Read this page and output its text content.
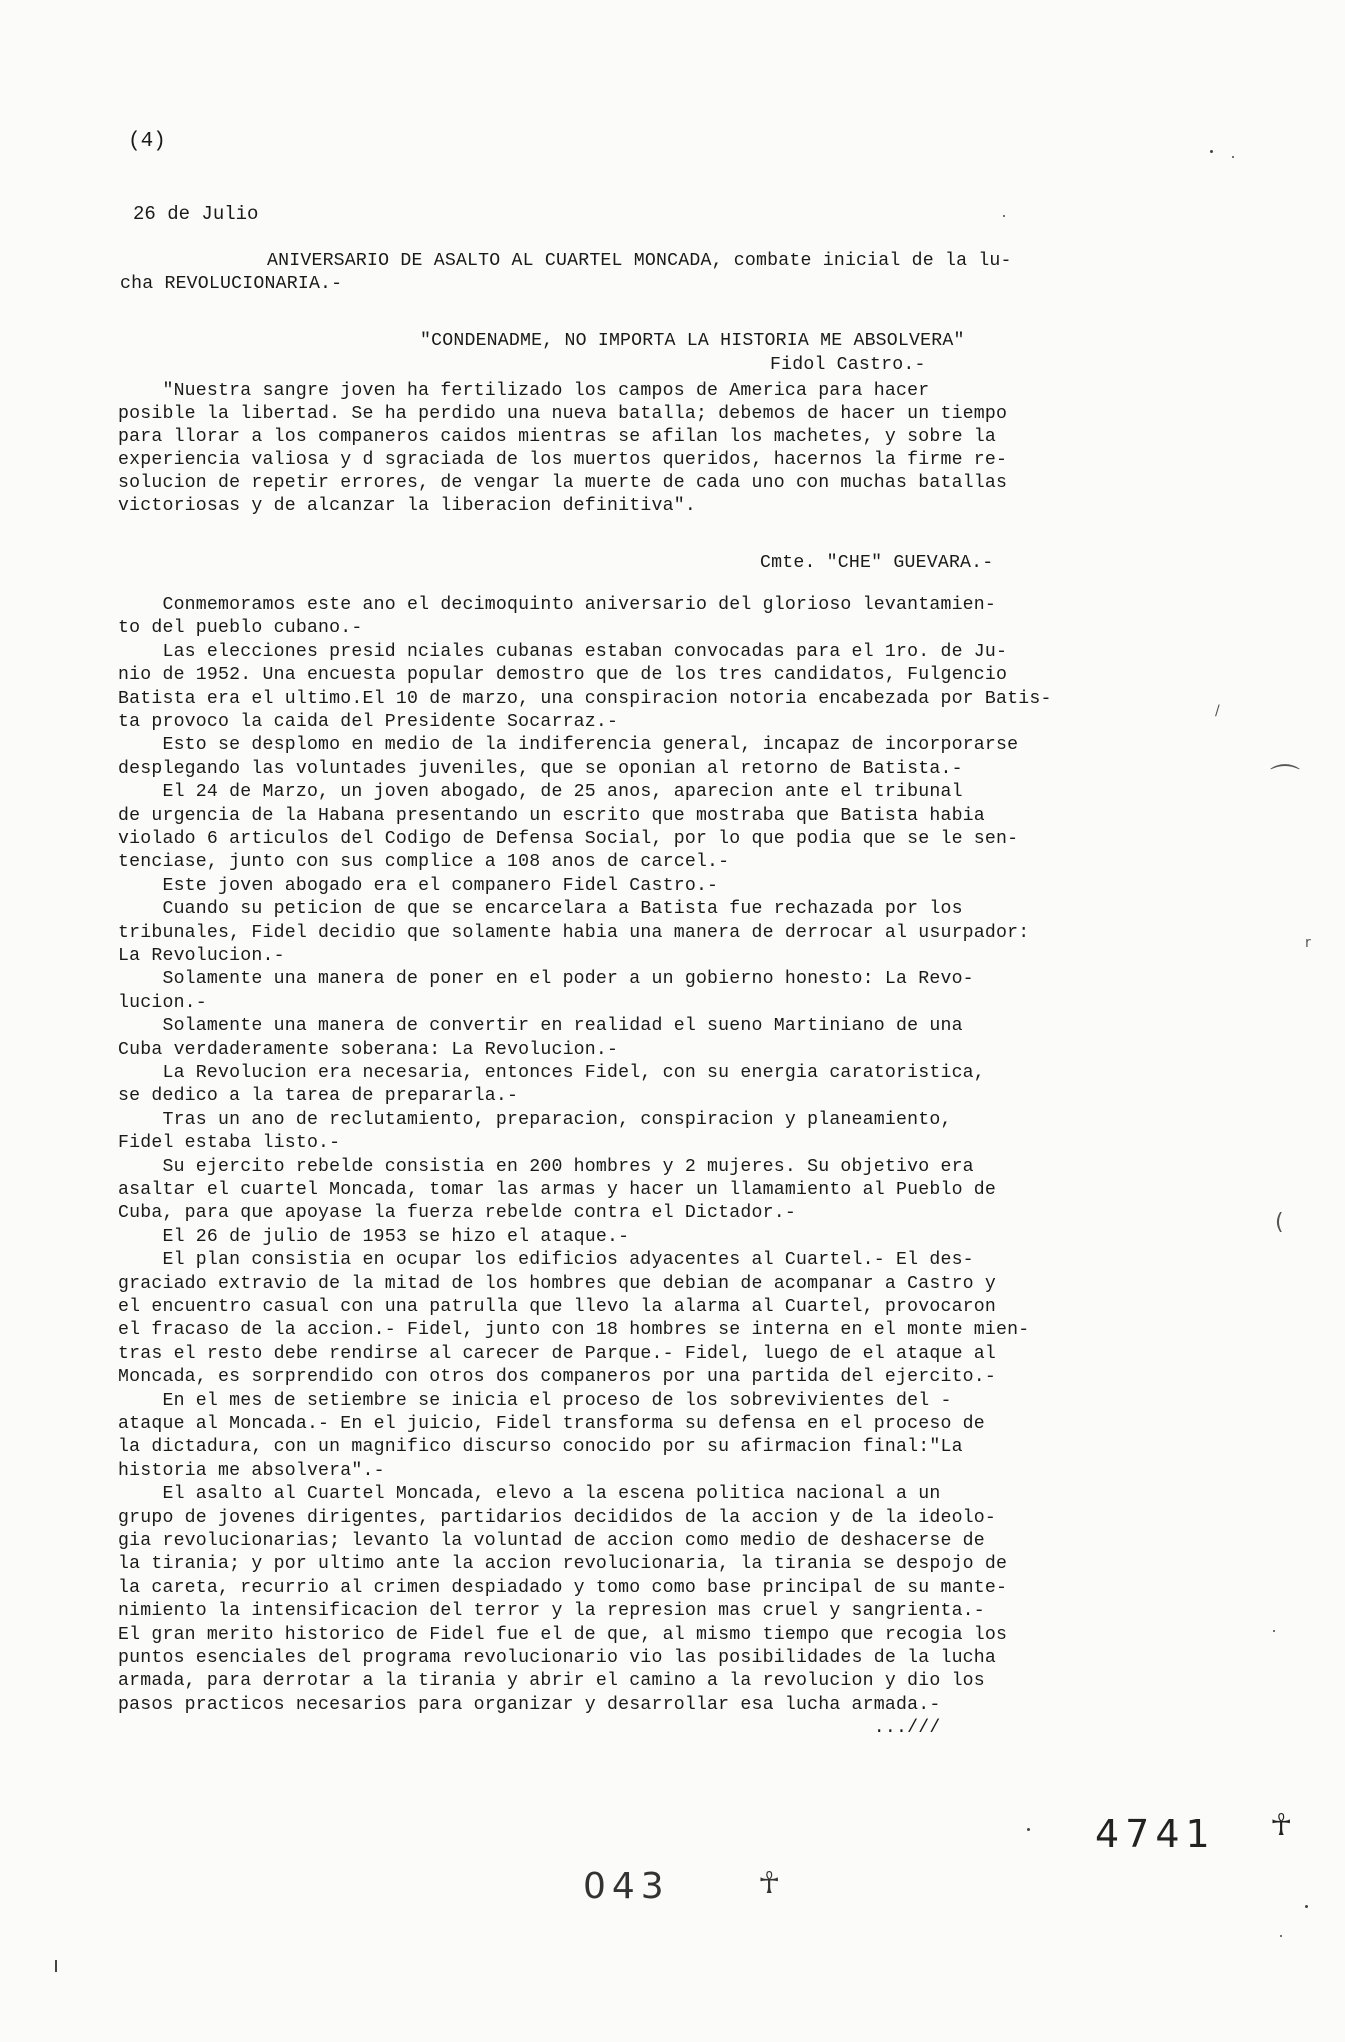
(4)
26 de Julio
ANIVERSARIO DE ASALTO AL CUARTEL MONCADA, combate inicial de la lu-
cha REVOLUCIONARIA.-
"CONDENADME, NO IMPORTA LA HISTORIA ME ABSOLVERA"
Fidol Castro.-
"Nuestra sangre joven ha fertilizado los campos de America para hacer
posible la libertad. Se ha perdido una nueva batalla; debemos de hacer un tiempo
para llorar a los companeros caidos mientras se afilan los machetes, y sobre la
experiencia valiosa y d sgraciada de los muertos queridos, hacernos la firme re-
solucion de repetir errores, de vengar la muerte de cada uno con muchas batallas
victoriosas y de alcanzar la liberacion definitiva".
Cmte. "CHE" GUEVARA.-
Conmemoramos este ano el decimoquinto aniversario del glorioso levantamien-
to del pueblo cubano.-
Las elecciones presid nciales cubanas estaban convocadas para el 1ro. de Ju-
nio de 1952. Una encuesta popular demostro que de los tres candidatos, Fulgencio
Batista era el ultimo.El 10 de marzo, una conspiracion notoria encabezada por Batis-
ta provoco la caida del Presidente Socarraz.-
Esto se desplomo en medio de la indiferencia general, incapaz de incorporarse
desplegando las voluntades juveniles, que se oponian al retorno de Batista.-
El 24 de Marzo, un joven abogado, de 25 anos, aparecion ante el tribunal
de urgencia de la Habana presentando un escrito que mostraba que Batista habia
violado 6 articulos del Codigo de Defensa Social, por lo que podia que se le sen-
tenciase, junto con sus complice a 108 anos de carcel.-
Este joven abogado era el companero Fidel Castro.-
Cuando su peticion de que se encarcelara a Batista fue rechazada por los
tribunales, Fidel decidio que solamente habia una manera de derrocar al usurpador:
La Revolucion.-
Solamente una manera de poner en el poder a un gobierno honesto: La Revo-
lucion.-
Solamente una manera de convertir en realidad el sueno Martiniano de una
Cuba verdaderamente soberana: La Revolucion.-
La Revolucion era necesaria, entonces Fidel, con su energia caratoristica,
se dedico a la tarea de prepararla.-
Tras un ano de reclutamiento, preparacion, conspiracion y planeamiento,
Fidel estaba listo.-
Su ejercito rebelde consistia en 200 hombres y 2 mujeres. Su objetivo era
asaltar el cuartel Moncada, tomar las armas y hacer un llamamiento al Pueblo de
Cuba, para que apoyase la fuerza rebelde contra el Dictador.-
El 26 de julio de 1953 se hizo el ataque.-
El plan consistia en ocupar los edificios adyacentes al Cuartel.- El des-
graciado extravio de la mitad de los hombres que debian de acompanar a Castro y
el encuentro casual con una patrulla que llevo la alarma al Cuartel, provocaron
el fracaso de la accion.- Fidel, junto con 18 hombres se interna en el monte mien-
tras el resto debe rendirse al carecer de Parque.- Fidel, luego de el ataque al
Moncada, es sorprendido con otros dos companeros por una partida del ejercito.-
En el mes de setiembre se inicia el proceso de los sobrevivientes del -
ataque al Moncada.- En el juicio, Fidel transforma su defensa en el proceso de
la dictadura, con un magnifico discurso conocido por su afirmacion final:"La
historia me absolvera".-
El asalto al Cuartel Moncada, elevo a la escena politica nacional a un
grupo de jovenes dirigentes, partidarios decididos de la accion y de la ideolo-
gia revolucionarias; levanto la voluntad de accion como medio de deshacerse de
la tirania; y por ultimo ante la accion revolucionaria, la tirania se despojo de
la careta, recurrio al crimen despiadado y tomo como base principal de su mante-
nimiento la intensificacion del terror y la represion mas cruel y sangrienta.-
El gran merito historico de Fidel fue el de que, al mismo tiempo que recogia los
puntos esenciales del programa revolucionario vio las posibilidades de la lucha
armada, para derrotar a la tirania y abrir el camino a la revolucion y dio los
pasos practicos necesarios para organizar y desarrollar esa lucha armada.-
...///
4741
043
⌒
(
/
r
☥
☥
